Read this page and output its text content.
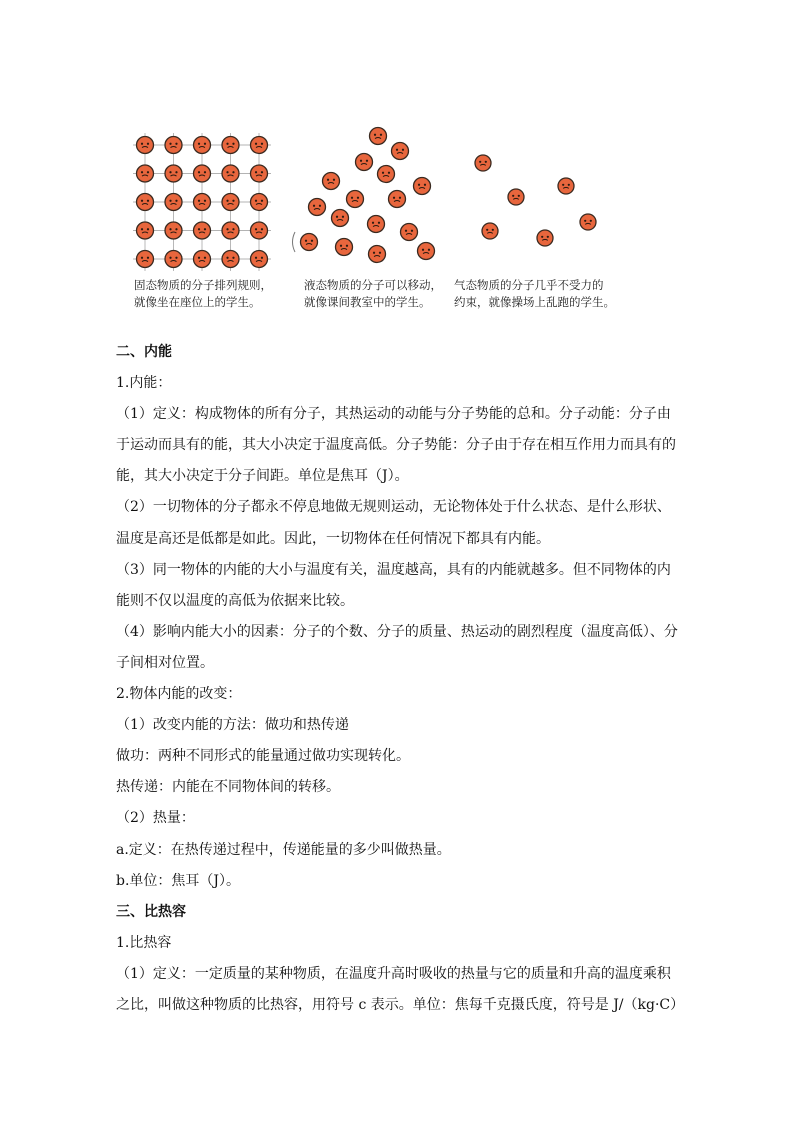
固态物质的分子排列规则，
就像坐在座位上的学生。
液态物质的分子可以移动，
就像课间教室中的学生。
气态物质的分子几乎不受力的
约束，就像操场上乱跑的学生。
二、内能
1.内能：
（1）定义：构成物体的所有分子，其热运动的动能与分子势能的总和。分子动能：分子由
于运动而具有的能，其大小决定于温度高低。分子势能：分子由于存在相互作用力而具有的
能，其大小决定于分子间距。单位是焦耳（J）。
（2）一切物体的分子都永不停息地做无规则运动，无论物体处于什么状态、是什么形状、
温度是高还是低都是如此。因此，一切物体在任何情况下都具有内能。
（3）同一物体的内能的大小与温度有关，温度越高，具有的内能就越多。但不同物体的内
能则不仅以温度的高低为依据来比较。
（4）影响内能大小的因素：分子的个数、分子的质量、热运动的剧烈程度（温度高低）、分
子间相对位置。
2.物体内能的改变：
（1）改变内能的方法：做功和热传递
做功：两种不同形式的能量通过做功实现转化。
热传递：内能在不同物体间的转移。
（2）热量：
a.定义：在热传递过程中，传递能量的多少叫做热量。
b.单位：焦耳（J）。
三、比热容
1.比热容
（1）定义：一定质量的某种物质，在温度升高时吸收的热量与它的质量和升高的温度乘积
之比，叫做这种物质的比热容，用符号 c 表示。单位：焦每千克摄氏度，符号是 J/（kg·C）
